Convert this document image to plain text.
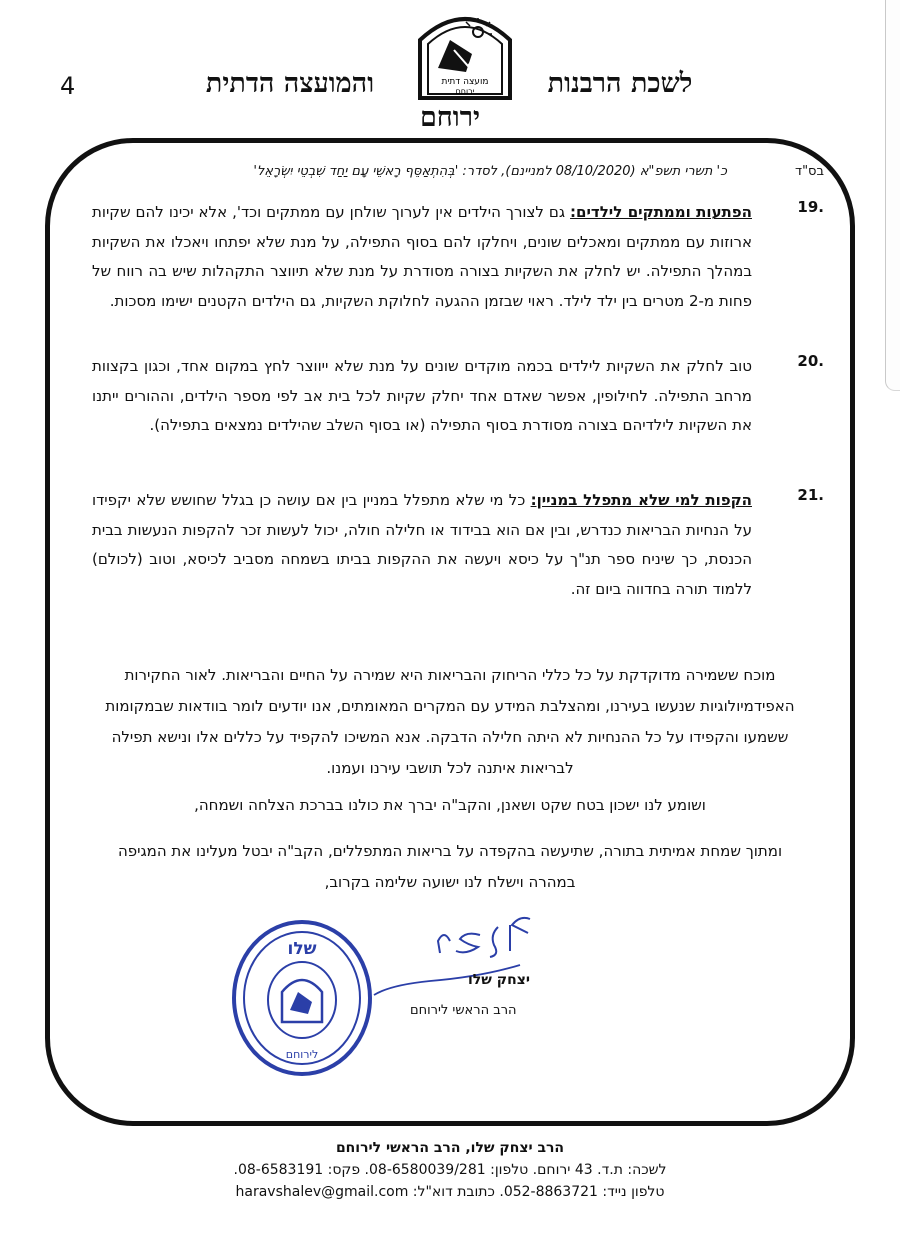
4	לשכת הרבנות
והמועצה הדתית
ירוחם
מועצה דתית
ירוחם
בס"ד
כ' תשרי תשפ"א (08/10/2020 למניינם), לסדר: 'בְּהִתְאַסֵּף רָאשֵׁי עָם יַחַד שִׁבְטֵי יִשְׂרָאֵל'
.19
הפתעות וממתקים לילדים: גם לצורך הילדים אין לערוך שולחן עם ממתקים וכד', אלא יכינו להם שקיות ארוזות עם ממתקים ומאכלים שונים, ויחלקו להם בסוף התפילה, על מנת שלא יפתחו ויאכלו את השקיות במהלך התפילה. יש לחלק את השקיות בצורה מסודרת על מנת שלא תיווצר התקהלות שיש בה רווח של פחות מ-2 מטרים בין ילד לילד. ראוי שבזמן ההגעה לחלוקת השקיות, גם הילדים הקטנים ישימו מסכות.
.20
טוב לחלק את השקיות לילדים בכמה מוקדים שונים על מנת שלא ייווצר לחץ במקום אחד, וכגון בקצוות מרחב התפילה. לחילופין, אפשר שאדם אחד יחלק שקיות לכל בית אב לפי מספר הילדים, וההורים ייתנו את השקיות לילדיהם בצורה מסודרת בסוף התפילה (או בסוף השלב שהילדים נמצאים בתפילה).
.21
הקפות למי שלא מתפלל במניין: כל מי שלא מתפלל במניין בין אם עושה כן בגלל שחושש שלא יקפידו על הנחיות הבריאות כנדרש, ובין אם הוא בבידוד או חלילה חולה, יכול לעשות זכר להקפות הנעשות בבית הכנסת, כך שיניח ספר תנ"ך על כיסא ויעשה את ההקפות בביתו בשמחה מסביב לכיסא, וטוב (לכולם) ללמוד תורה בחדווה ביום זה.
מוכח ששמירה מדוקדקת על כל כללי הריחוק והבריאות היא שמירה על החיים והבריאות. לאור החקירות האפידמיולוגיות שנעשו בעירנו, ומהצלבת המידע עם המקרים המאומתים, אנו יודעים לומר בוודאות שבמקומות ששמעו והקפידו על כל ההנחיות לא היתה חלילה הדבקה. אנא המשיכו להקפיד על כללים אלו ונישא תפילה לבריאות איתנה לכל תושבי עירנו ועמנו.
ושומע לנו ישכון בטח שקט ושאנן, והקב"ה יברך את כולנו בברכת הצלחה ושמחה,
ומתוך שמחת אמיתית בתורה, שתיעשה בהקפדה על בריאות המתפללים, הקב"ה יבטל מעלינו את המגיפה במהרה וישלח לנו ישועה שלימה בקרוב,
יצחק שלו
הרב הראשי לירוחם
שלו
לירוחם
הרב יצחק שלו, הרב הראשי לירוחם
לשכה: ת.ד. 43 ירוחם. טלפון: 08-6580039/281. פקס: 08-6583191.
טלפון נייד: 052-8863721. כתובת דוא"ל: haravshalev@gmail.com
